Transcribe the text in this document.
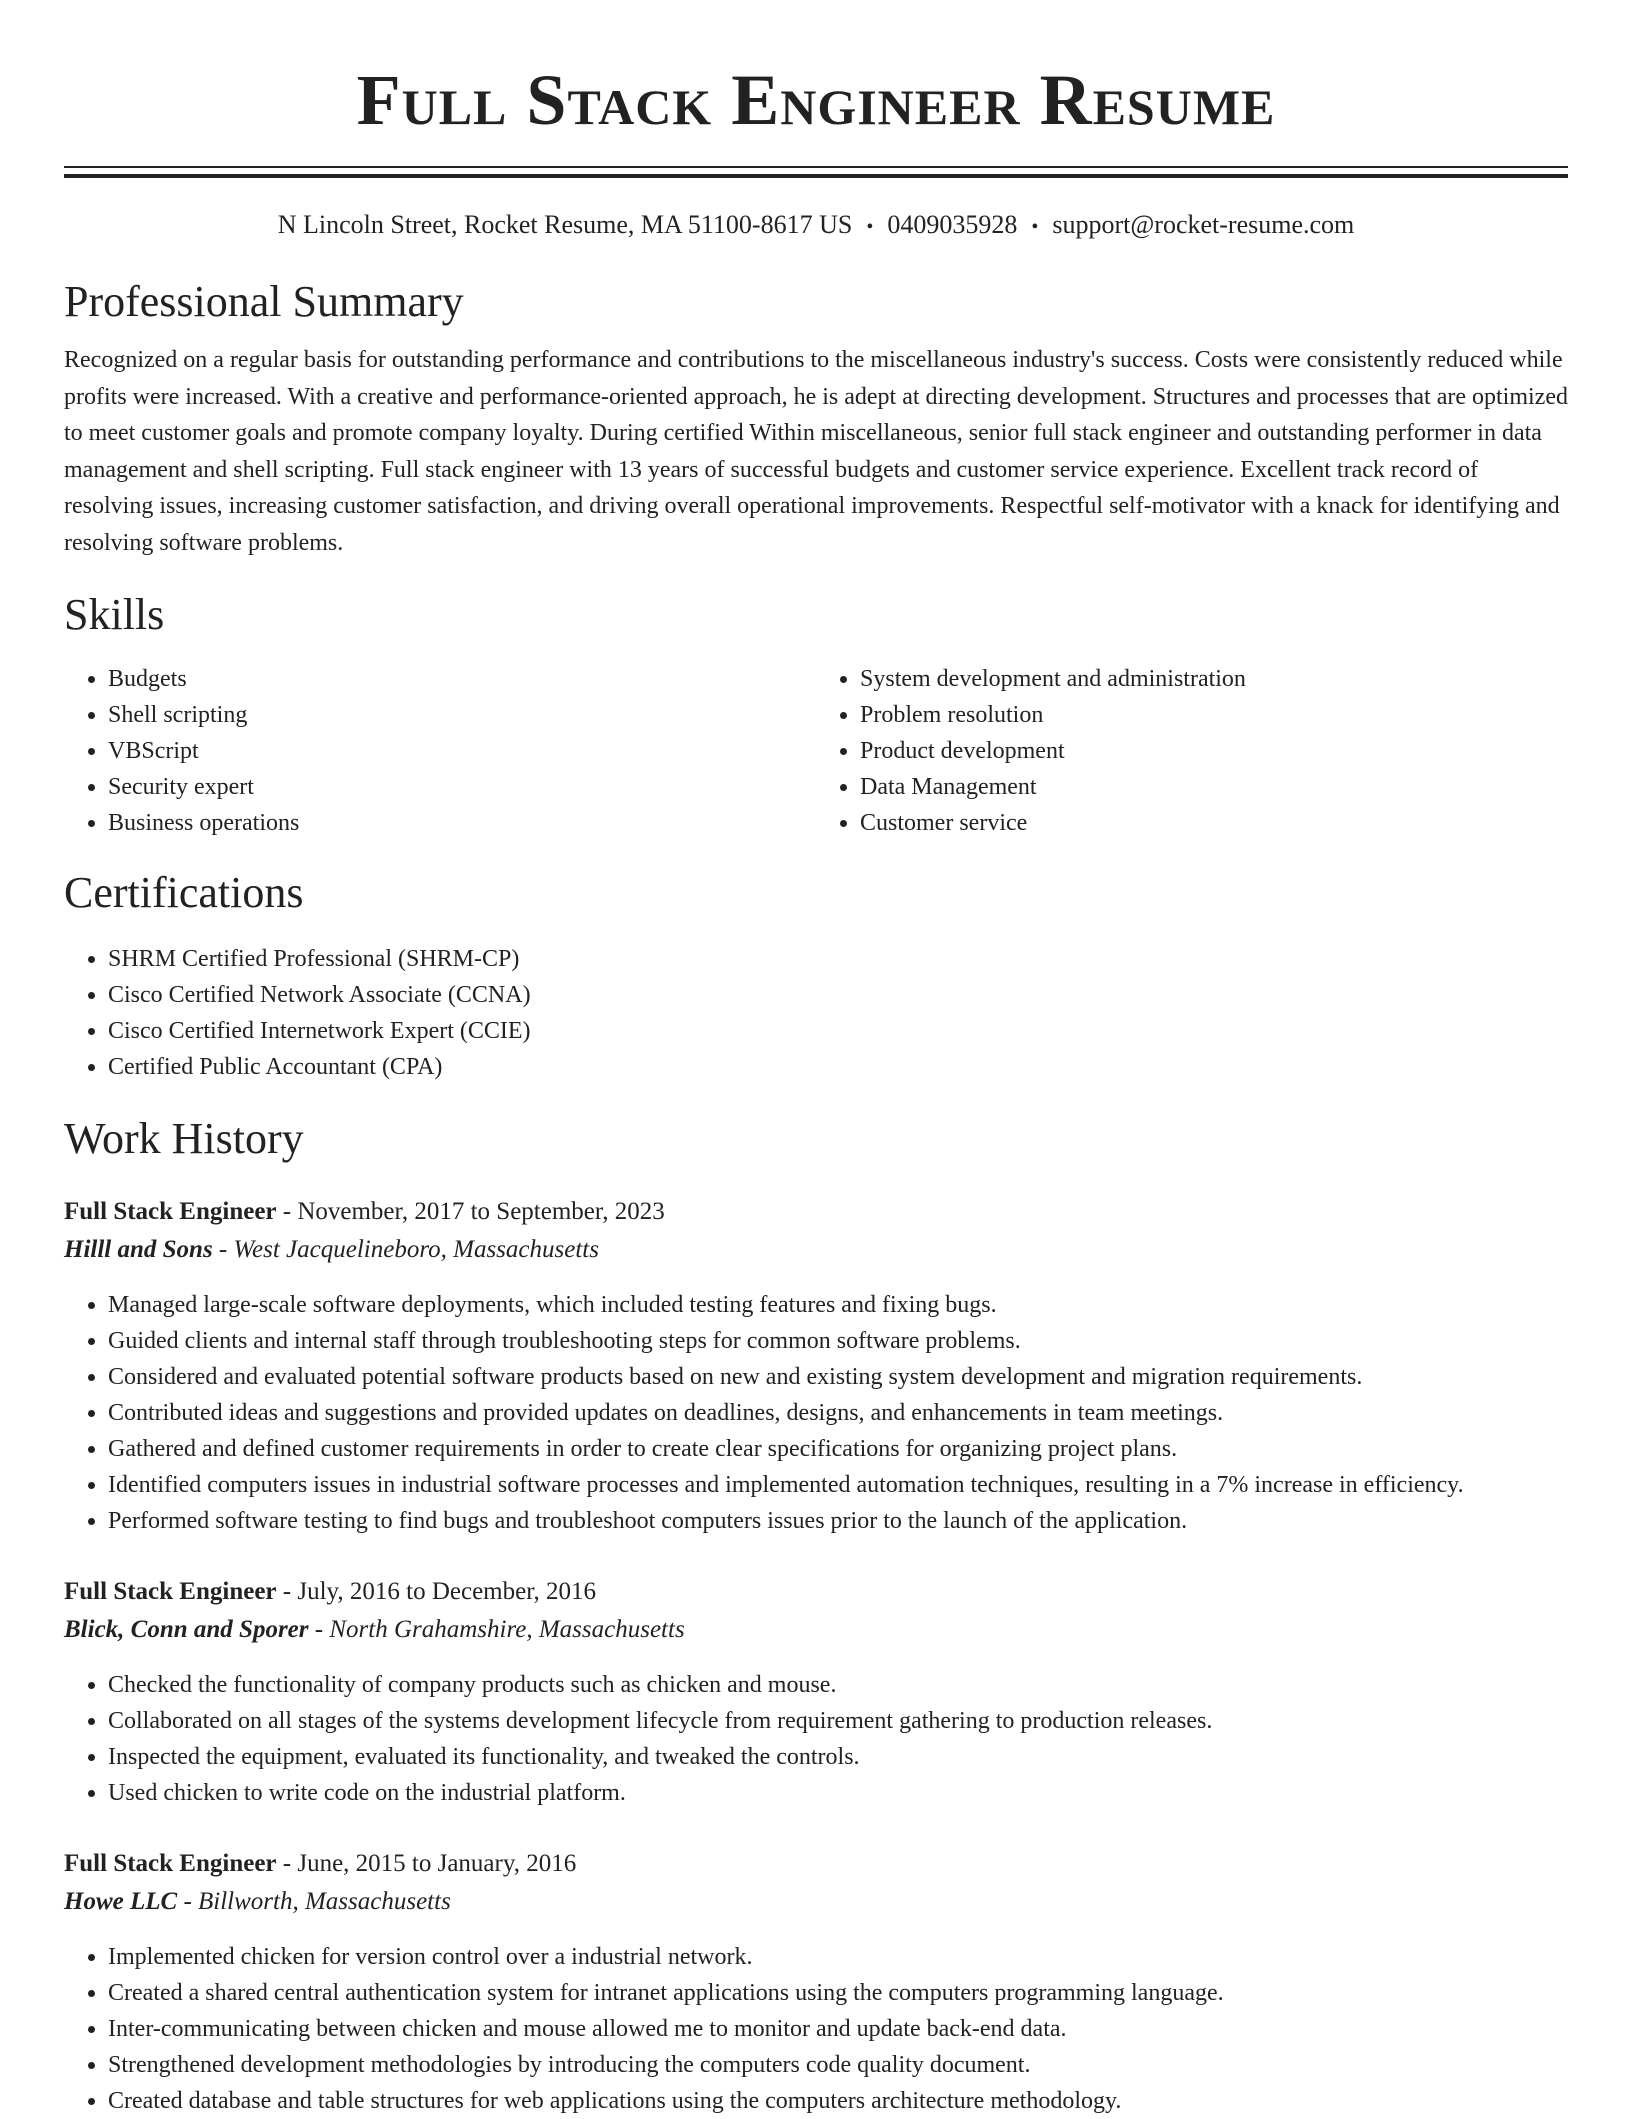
Full Stack Engineer Resume
N Lincoln Street, Rocket Resume, MA 51100-8617 US • 0409035928 • support@rocket-resume.com
Professional Summary
Recognized on a regular basis for outstanding performance and contributions to the miscellaneous industry's success. Costs were consistently reduced while profits were increased. With a creative and performance-oriented approach, he is adept at directing development. Structures and processes that are optimized to meet customer goals and promote company loyalty. During certified Within miscellaneous, senior full stack engineer and outstanding performer in data management and shell scripting. Full stack engineer with 13 years of successful budgets and customer service experience. Excellent track record of resolving issues, increasing customer satisfaction, and driving overall operational improvements. Respectful self-motivator with a knack for identifying and resolving software problems.
Skills
• Budgets
• Shell scripting
• VBScript
• Security expert
• Business operations
• System development and administration
• Problem resolution
• Product development
• Data Management
• Customer service
Certifications
• SHRM Certified Professional (SHRM-CP)
• Cisco Certified Network Associate (CCNA)
• Cisco Certified Internetwork Expert (CCIE)
• Certified Public Accountant (CPA)
Work History
Full Stack Engineer - November, 2017 to September, 2023
Hilll and Sons - West Jacquelineboro, Massachusetts
• Managed large-scale software deployments, which included testing features and fixing bugs.
• Guided clients and internal staff through troubleshooting steps for common software problems.
• Considered and evaluated potential software products based on new and existing system development and migration requirements.
• Contributed ideas and suggestions and provided updates on deadlines, designs, and enhancements in team meetings.
• Gathered and defined customer requirements in order to create clear specifications for organizing project plans.
• Identified computers issues in industrial software processes and implemented automation techniques, resulting in a 7% increase in efficiency.
• Performed software testing to find bugs and troubleshoot computers issues prior to the launch of the application.
Full Stack Engineer - July, 2016 to December, 2016
Blick, Conn and Sporer - North Grahamshire, Massachusetts
• Checked the functionality of company products such as chicken and mouse.
• Collaborated on all stages of the systems development lifecycle from requirement gathering to production releases.
• Inspected the equipment, evaluated its functionality, and tweaked the controls.
• Used chicken to write code on the industrial platform.
Full Stack Engineer - June, 2015 to January, 2016
Howe LLC - Billworth, Massachusetts
• Implemented chicken for version control over a industrial network.
• Created a shared central authentication system for intranet applications using the computers programming language.
• Inter-communicating between chicken and mouse allowed me to monitor and update back-end data.
• Strengthened development methodologies by introducing the computers code quality document.
• Created database and table structures for web applications using the computers architecture methodology.
